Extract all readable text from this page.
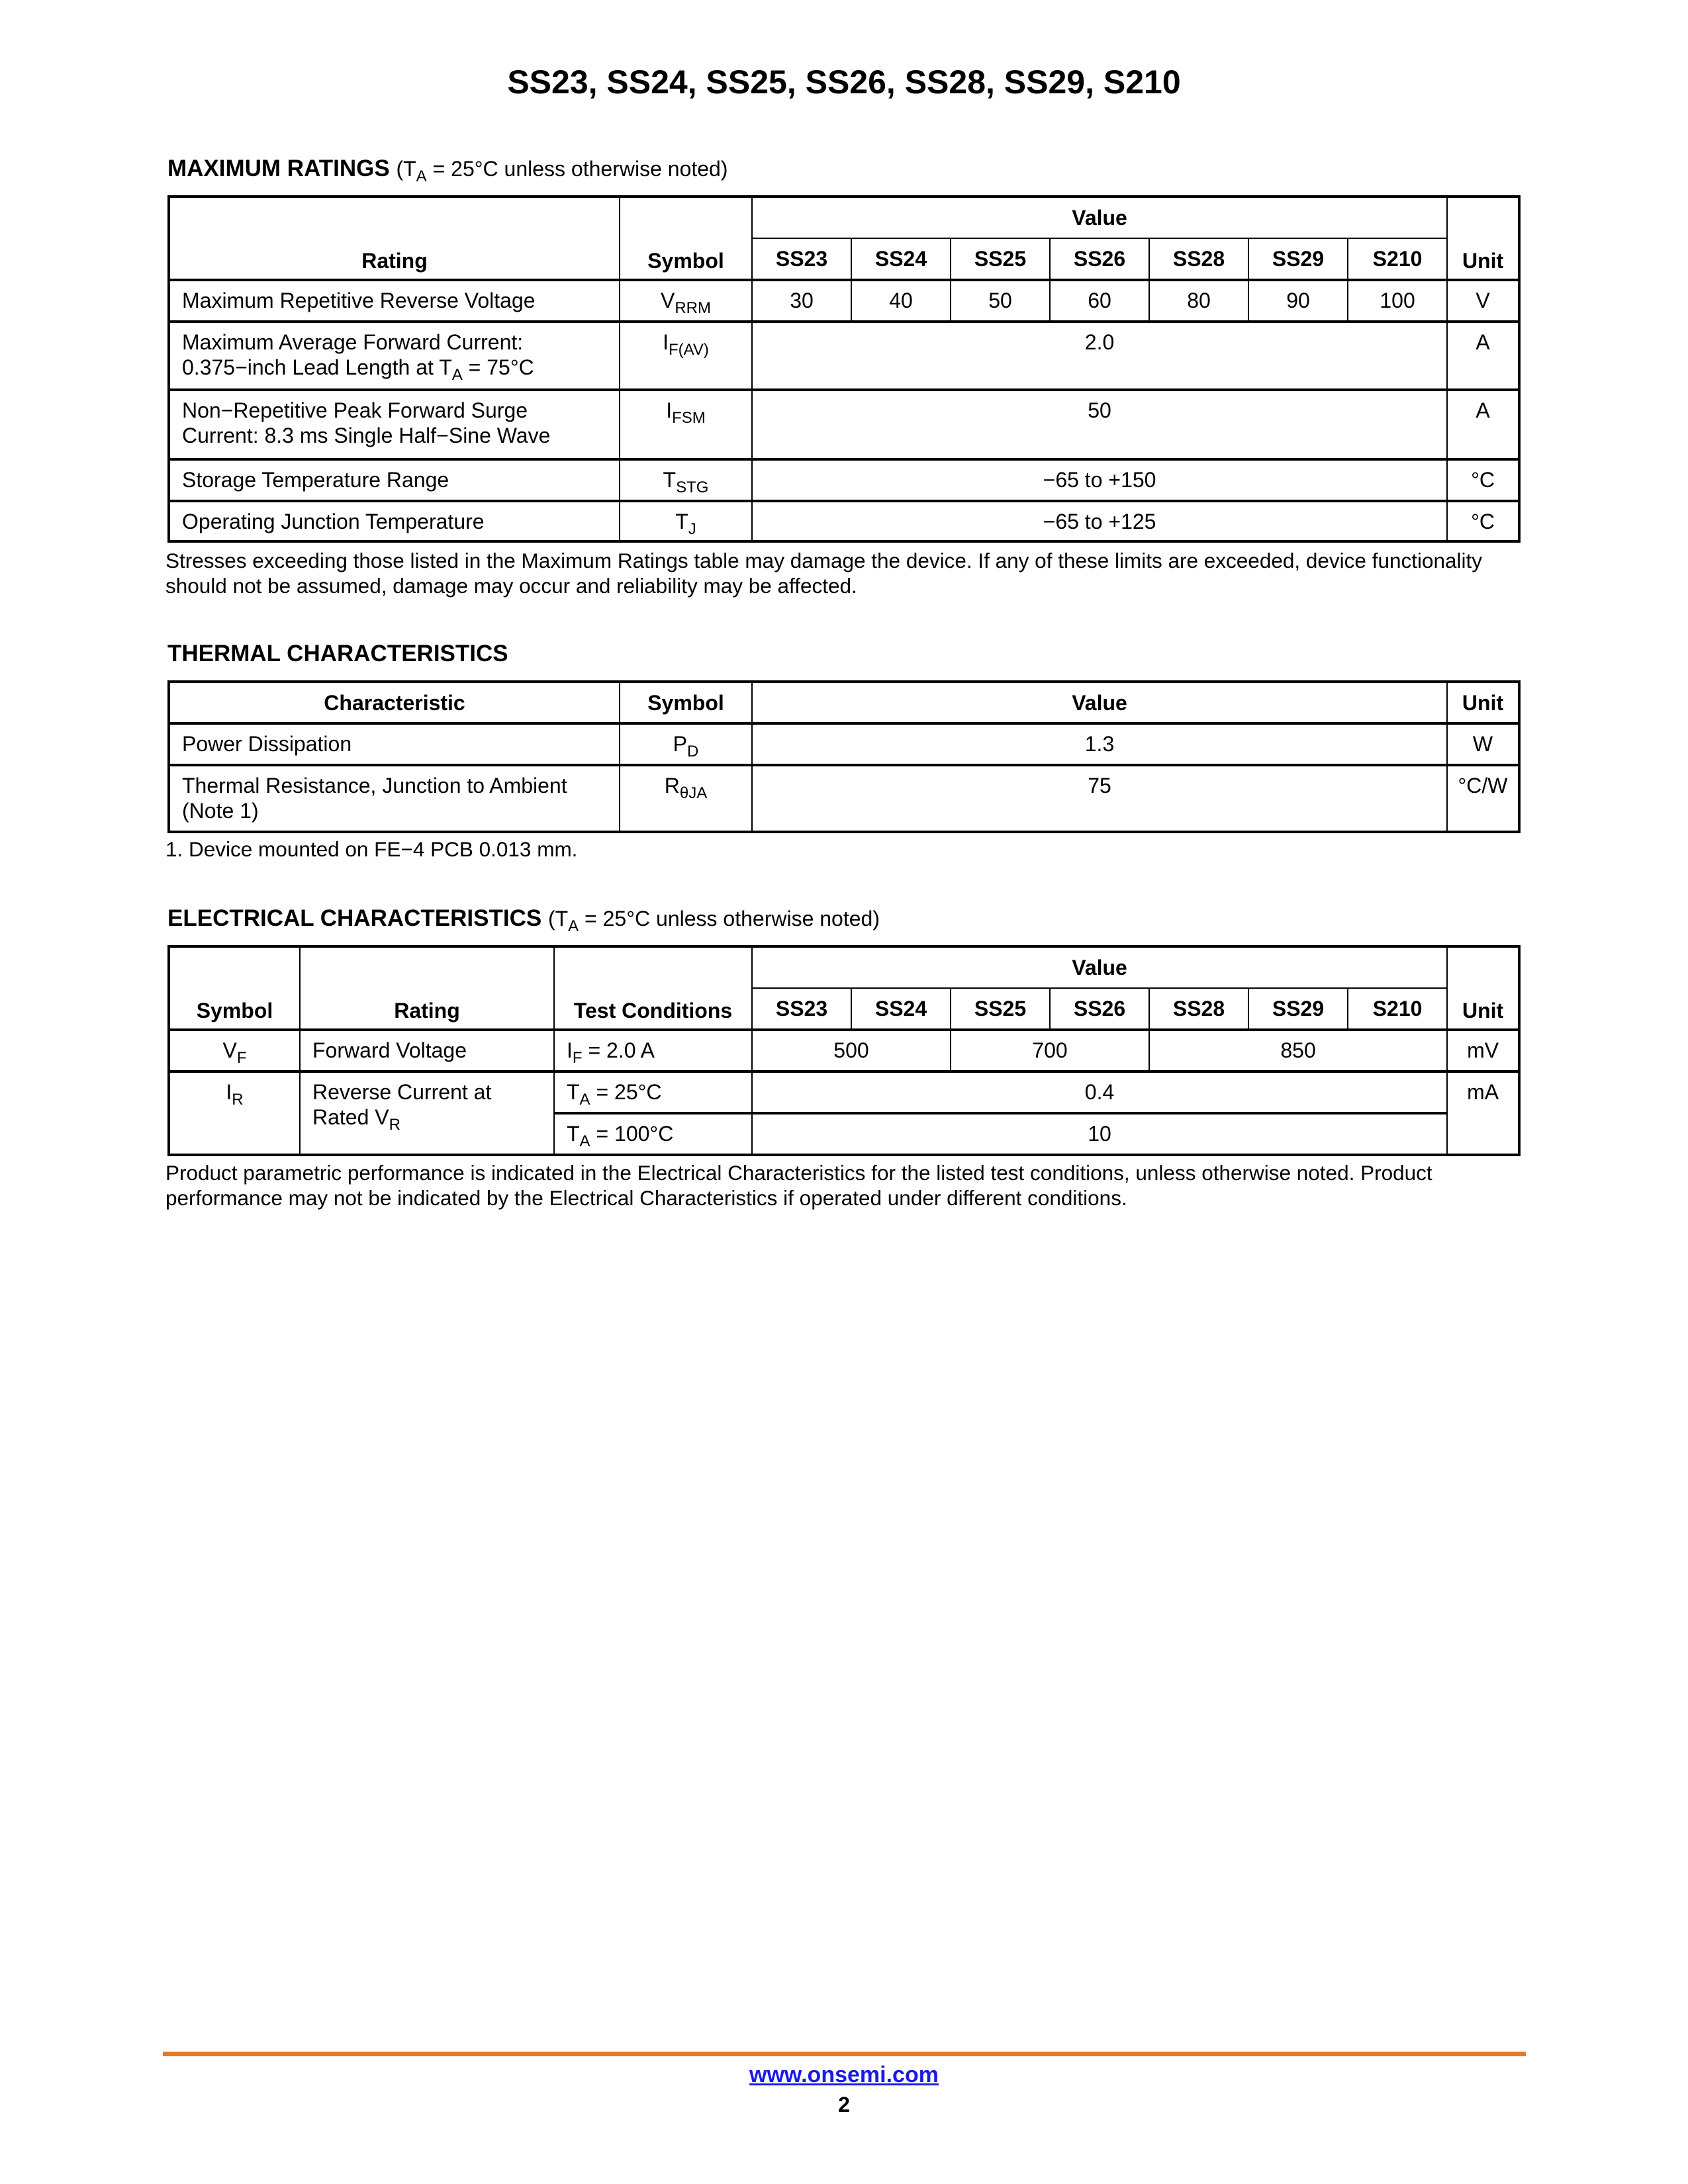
SS23, SS24, SS25, SS26, SS28, SS29, S210
MAXIMUM RATINGS ($T_A = 25^\circ C$ unless otherwise noted)
Rating	Symbol	Value							Unit
		SS23	SS24	SS25	SS26	SS28	SS29	S210	
Maximum Repetitive Reverse Voltage	$V_{RRM}$	30	40	50	60	80	90	100	V
Maximum Average Forward Current:
0.375−inch Lead Length at $T_A = 75^\circ C$	$I_{F(AV)}$	2.0							A
Non−Repetitive Peak Forward Surge
Current: 8.3 ms Single Half−Sine Wave	$I_{FSM}$	50							A
Storage Temperature Range	$T_{STG}$	−65 to +150							°C
Operating Junction Temperature	$T_J$	−65 to +125							°C
Stresses exceeding those listed in the Maximum Ratings table may damage the device. If any of these limits are exceeded, device functionality should not be assumed, damage may occur and reliability may be affected.
THERMAL CHARACTERISTICS
Characteristic	Symbol	Value	Unit
Power Dissipation	$P_D$	1.3	W
Thermal Resistance, Junction to Ambient
(Note 1)	$R_{\theta JA}$	75	°C/W
1. Device mounted on FE−4 PCB 0.013 mm.
ELECTRICAL CHARACTERISTICS ($T_A = 25^\circ C$ unless otherwise noted)
Symbol	Rating	Test Conditions	Value							Unit
			SS23	SS24	SS25	SS26	SS28	SS29	S210	
$V_F$	Forward Voltage	$I_F = 2.0$ A	500		700		850			mV
$I_R$	Reverse Current at
Rated $V_R$	$T_A = 25^\circ C$	0.4							mA
		$T_A = 100^\circ C$	10							
Product parametric performance is indicated in the Electrical Characteristics for the listed test conditions, unless otherwise noted. Product performance may not be indicated by the Electrical Characteristics if operated under different conditions.
www.onsemi.com
2
